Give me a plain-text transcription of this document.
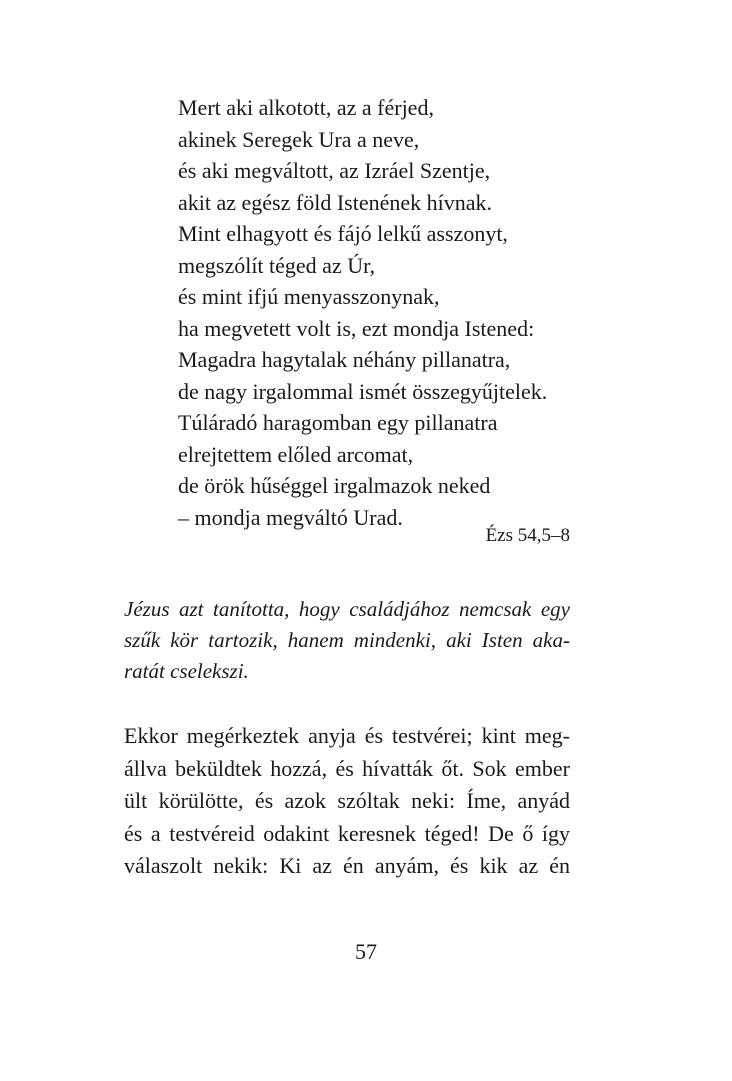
Mert aki alkotott, az a férjed,
akinek Seregek Ura a neve,
és aki megváltott, az Izráel Szentje,
akit az egész föld Istenének hívnak.
Mint elhagyott és fájó lelkű asszonyt,
megszólít téged az Úr,
és mint ifjú menyasszonynak,
ha megvetett volt is, ezt mondja Istened:
Magadra hagytalak néhány pillanatra,
de nagy irgalommal ismét összegyűjtelek.
Túláradó haragomban egy pillanatra
elrejtettem előled arcomat,
de örök hűséggel irgalmazok neked
– mondja megváltó Urad.
Ézs 54,5–8
Jézus azt tanította, hogy családjához nemcsak egy
szűk kör tartozik, hanem mindenki, aki Isten aka-
ratát cselekszi.
Ekkor megérkeztek anyja és testvérei; kint meg-
állva beküldtek hozzá, és hívatták őt. Sok ember
ült körülötte, és azok szóltak neki: Íme, anyád
és a testvéreid odakint keresnek téged! De ő így
válaszolt nekik: Ki az én anyám, és kik az én
57
